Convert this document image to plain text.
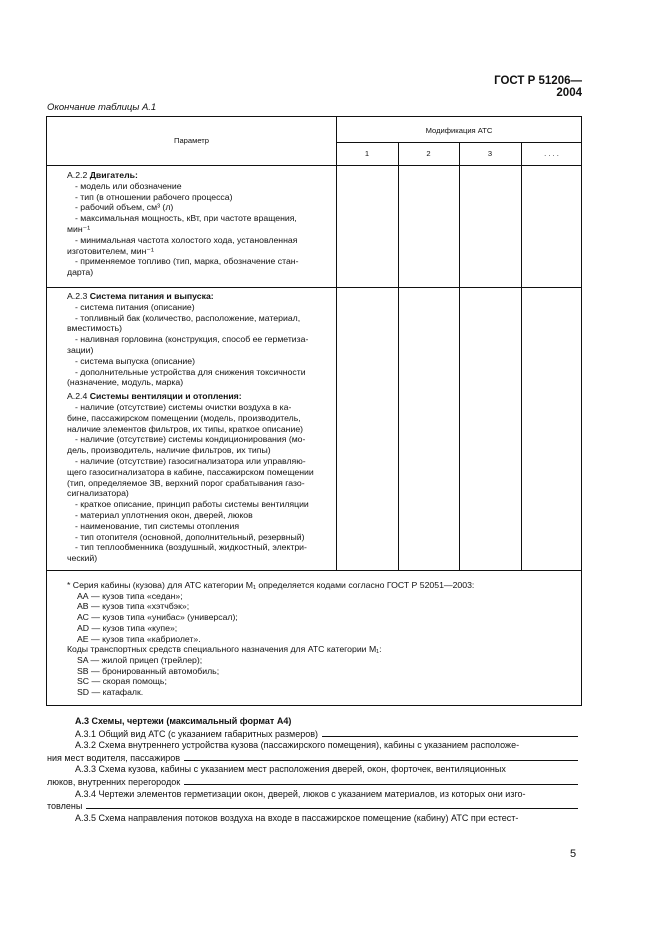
ГОСТ Р 51206—2004
Окончание таблицы А.1
Параметр
Модификация АТС
1	2	3	. . . .
А.2.2 Двигатель:
- модель или обозначение
- тип (в отношении рабочего процесса)
- рабочий объем, см³ (л)
- максимальная мощность, кВт, при частоте вращения,
мин⁻¹
- минимальная частота холостого хода, установленная
изготовителем, мин⁻¹
- применяемое топливо (тип, марка, обозначение стан-
дарта)
А.2.3 Система питания и выпуска:
- система питания (описание)
- топливный бак (количество, расположение, материал,
вместимость)
- наливная горловина (конструкция, способ ее герметиза-
зации)
- система выпуска (описание)
- дополнительные устройства для снижения токсичности
(назначение, модуль, марка)

А.2.4 Системы вентиляции и отопления:
- наличие (отсутствие) системы очистки воздуха в ка-
бине, пассажирском помещении (модель, производитель,
наличие элементов фильтров, их типы, краткое описание)
- наличие (отсутствие) системы кондиционирования (мо-
дель, производитель, наличие фильтров, их типы)
- наличие (отсутствие) газосигнализатора или управляю-
щего газосигнализатора в кабине, пассажирском помещении
(тип, определяемое ЗВ, верхний порог срабатывания газо-
сигнализатора)
- краткое описание, принцип работы системы вентиляции
- материал уплотнения окон, дверей, люков
- наименование, тип системы отопления
- тип отопителя (основной, дополнительный, резервный)
- тип теплообменника (воздушный, жидкостный, электри-
ческий)
* Серия кабины (кузова) для АТС категории М₁ определяется кодами согласно ГОСТ Р 52051—2003:
АА — кузов типа «седан»;
АВ — кузов типа «хэтчбэк»;
АС — кузов типа «унибас» (универсал);
AD — кузов типа «купе»;
АЕ — кузов типа «кабриолет».
Коды транспортных средств специального назначения для АТС категории М₁:
SA — жилой прицеп (трейлер);
SB — бронированный автомобиль;
SC — скорая помощь;
SD — катафалк.
А.3 Схемы, чертежи (максимальный формат А4)
А.3.1 Общий вид АТС (с указанием габаритных размеров)
А.3.2 Схема внутреннего устройства кузова (пассажирского помещения), кабины с указанием расположе-
ния мест водителя, пассажиров
А.3.3 Схема кузова, кабины с указанием мест расположения дверей, окон, форточек, вентиляционных
люков, внутренних перегородок
А.3.4 Чертежи элементов герметизации окон, дверей, люков с указанием материалов, из которых они изго-
товлены
А.3.5 Схема направления потоков воздуха на входе в пассажирское помещение (кабину) АТС при естест-
5
